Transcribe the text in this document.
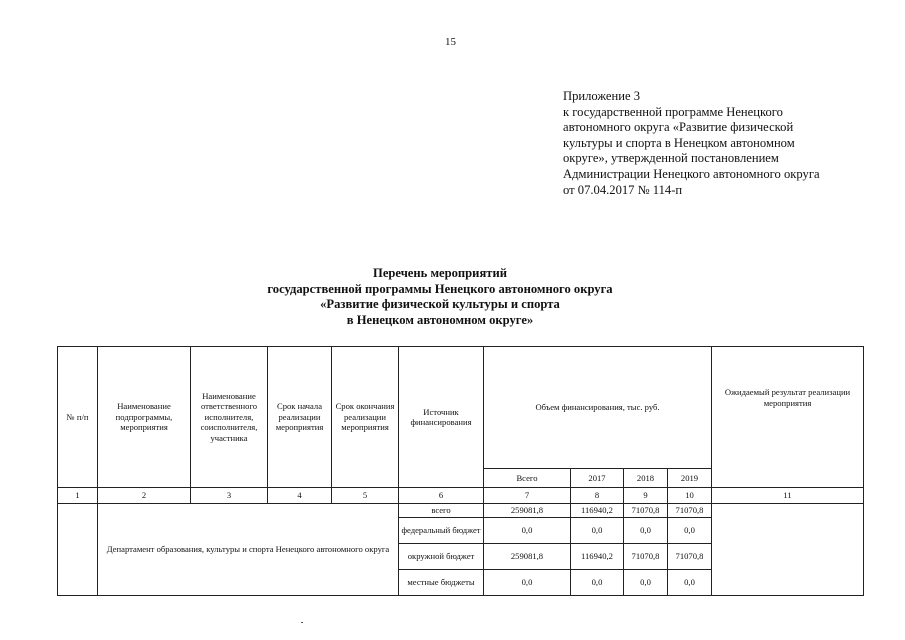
15
Приложение 3
к государственной программе Ненецкого
автономного округа «Развитие физической
культуры и спорта в Ненецком автономном
округе», утвержденной постановлением
Администрации Ненецкого автономного округа
от 07.04.2017 № 114-п
Перечень мероприятий
государственной программы Ненецкого автономного округа
«Развитие физической культуры и спорта
в Ненецком автономном округе»
№ п/п	Наименование подпрограммы, мероприятия	Наименование ответственного исполнителя, соисполнителя, участника	Срок начала реализации мероприятия	Срок окончания реализации мероприятия	Источник финансирования	Объем финансирования, тыс. руб.				Ожидаемый результат реализации мероприятия
						Всего	2017	2018	2019	
1	2	3	4	5	6	7	8	9	10	11
	Департамент образования, культуры и спорта Ненецкого автономного округа				всего	259081,8	116940,2	71070,8	71070,8	
					федеральный бюджет	0,0	0,0	0,0	0,0	
					окружной бюджет	259081,8	116940,2	71070,8	71070,8	
					местные бюджеты	0,0	0,0	0,0	0,0	
